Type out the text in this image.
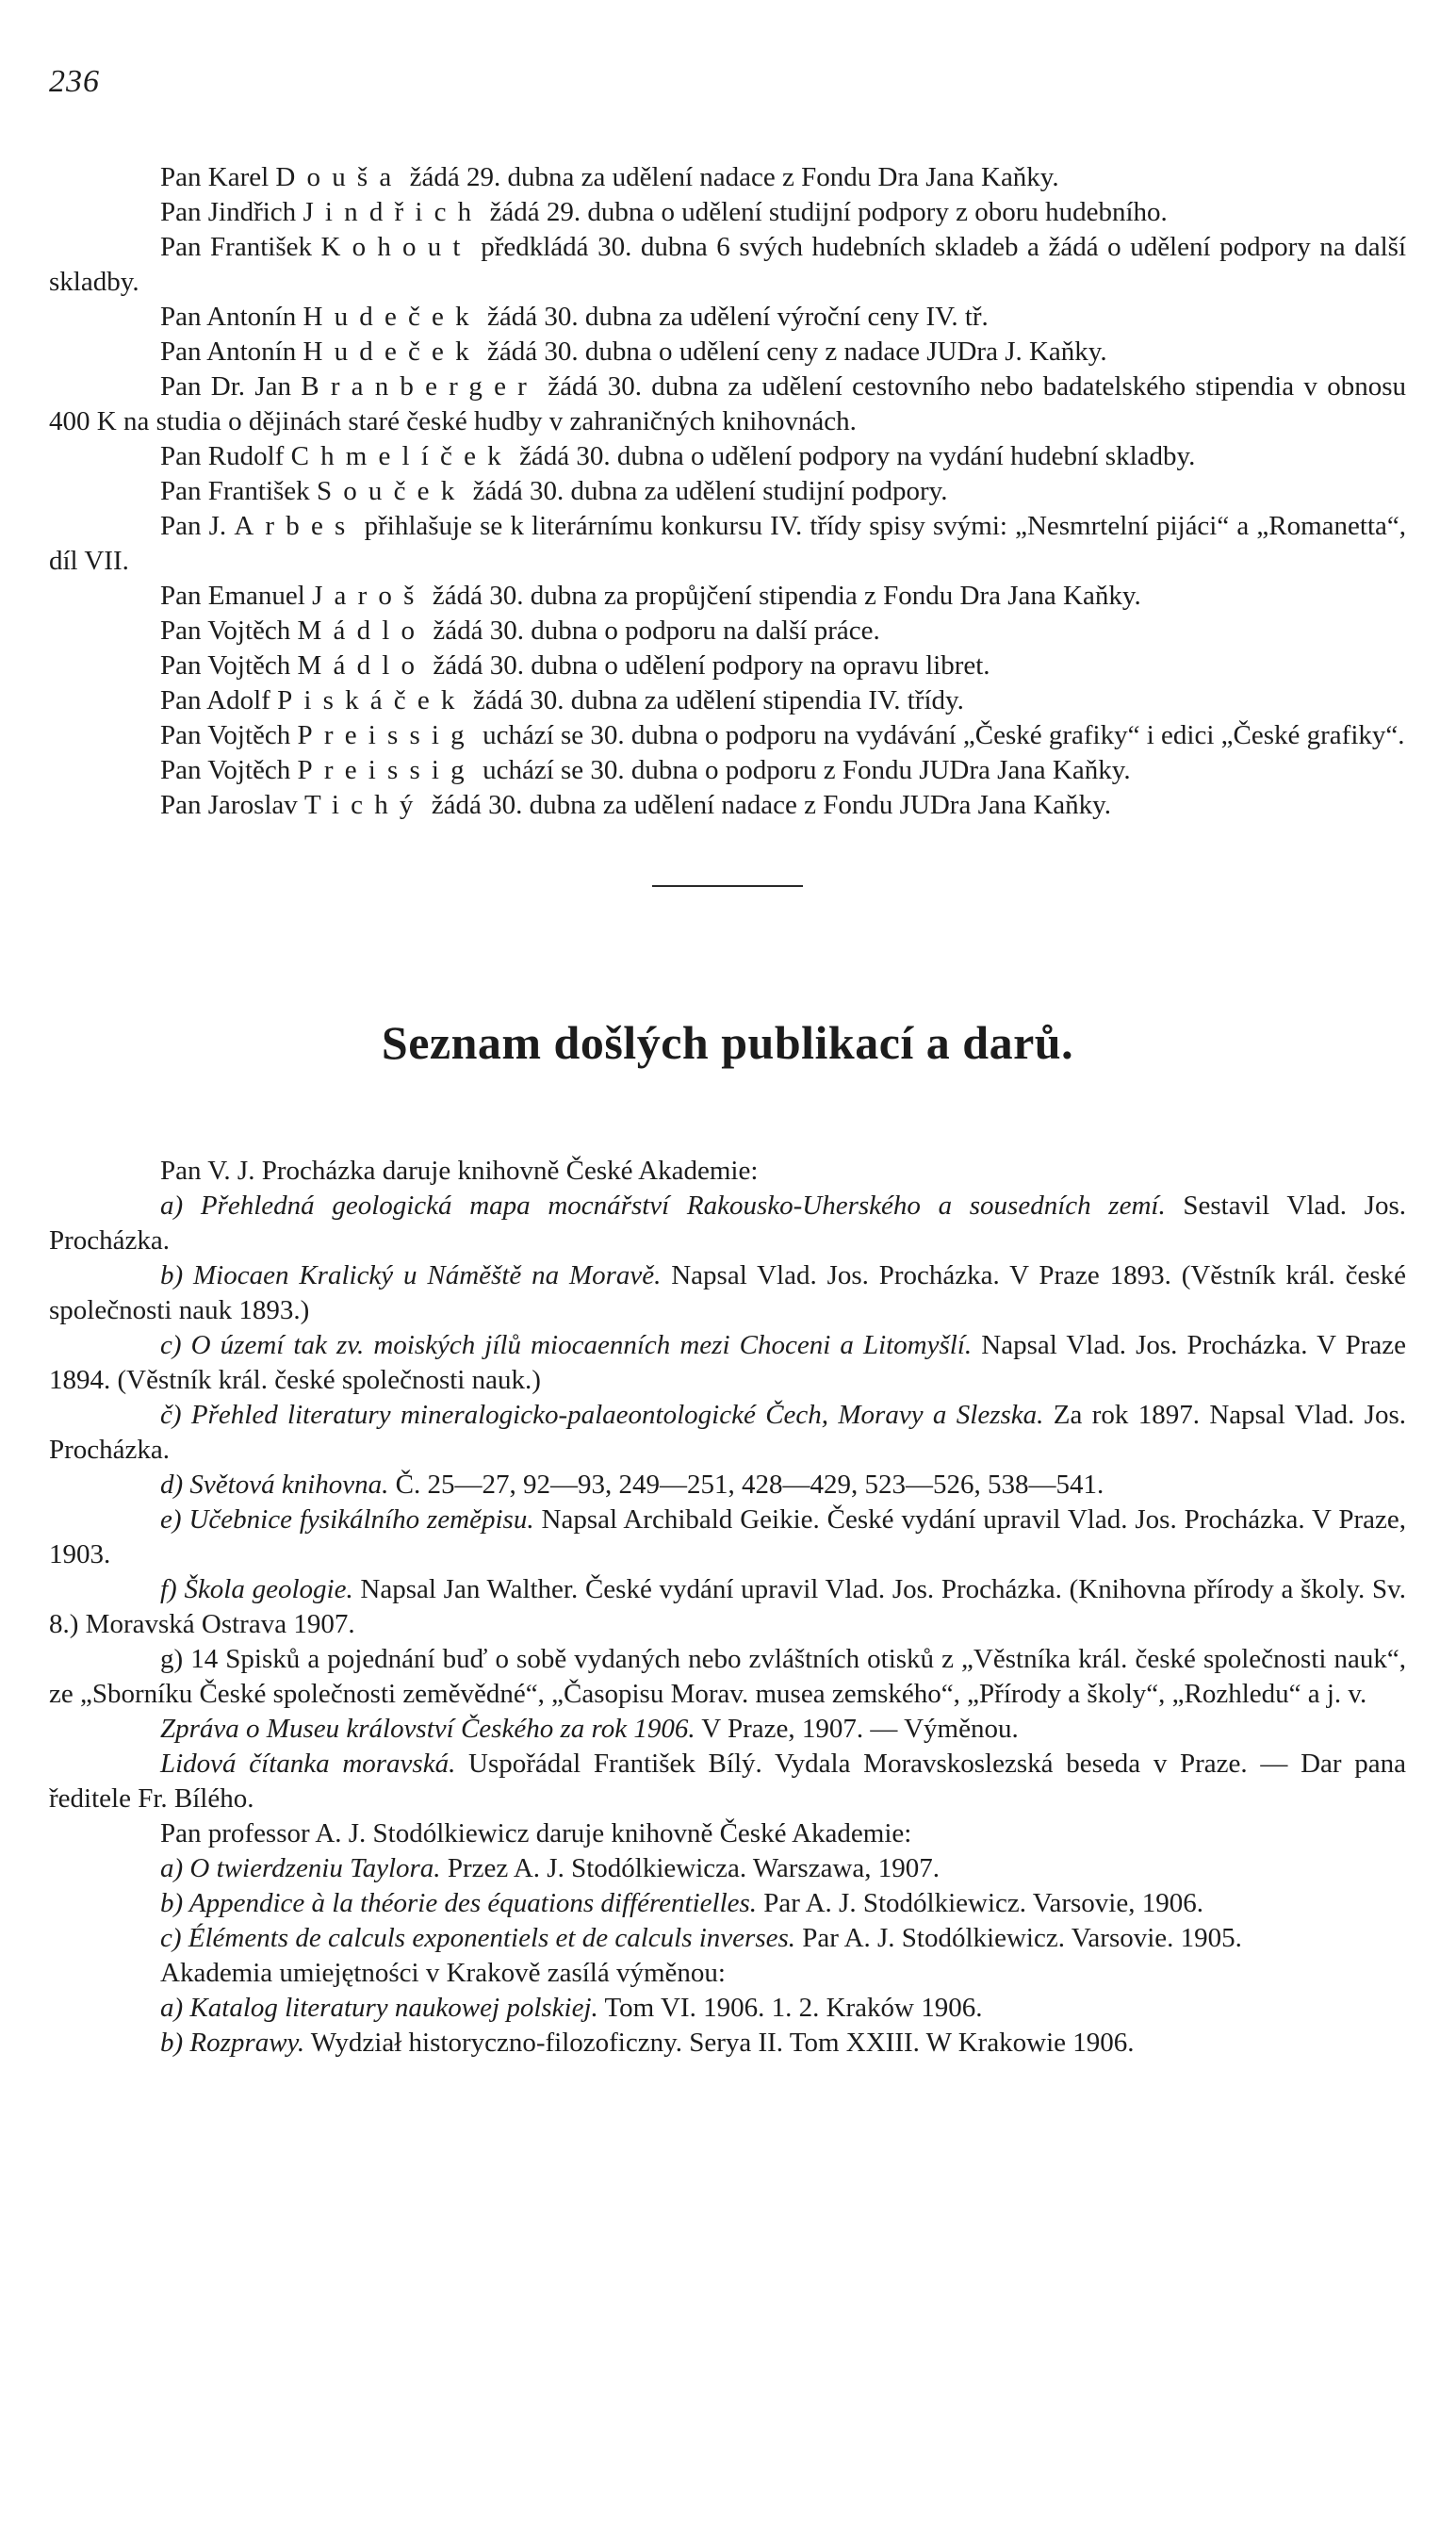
236

Pan Karel Douša žádá 29. dubna za udělení nadace z Fondu Dra Jana Kaňky.

Pan Jindřich Jindřich žádá 29. dubna o udělení studijní podpory z oboru hudebního.

Pan František Kohout předkládá 30. dubna 6 svých hudebních skladeb a žádá o udělení podpory na další skladby.

Pan Antonín Hudeček žádá 30. dubna za udělení výroční ceny IV. tř.

Pan Antonín Hudeček žádá 30. dubna o udělení ceny z nadace JUDra J. Kaňky.

Pan Dr. Jan Branberger žádá 30. dubna za udělení cestovního nebo badatelského stipendia v obnosu 400 K na studia o dějinách staré české hudby v zahraničných knihovnách.

Pan Rudolf Chmelíček žádá 30. dubna o udělení podpory na vydání hudební skladby.

Pan František Souček žádá 30. dubna za udělení studijní podpory.

Pan J. Arbes přihlašuje se k literárnímu konkursu IV. třídy spisy svými: „Nesmrtelní pijáci“ a „Romanetta“, díl VII.

Pan Emanuel Jaroš žádá 30. dubna za propůjčení stipendia z Fondu Dra Jana Kaňky.

Pan Vojtěch Mádlo žádá 30. dubna o podporu na další práce.

Pan Vojtěch Mádlo žádá 30. dubna o udělení podpory na opravu libret.

Pan Adolf Piskáček žádá 30. dubna za udělení stipendia IV. třídy.

Pan Vojtěch Preissig uchází se 30. dubna o podporu na vydávání „České grafiky“ i edici „České grafiky“.

Pan Vojtěch Preissig uchází se 30. dubna o podporu z Fondu JUDra Jana Kaňky.

Pan Jaroslav Tichý žádá 30. dubna za udělení nadace z Fondu JUDra Jana Kaňky.

Seznam došlých publikací a darů.

Pan V. J. Procházka daruje knihovně České Akademie:

a) Přehledná geologická mapa mocnářství Rakousko-Uherského a sousedních zemí. Sestavil Vlad. Jos. Procházka.

b) Miocaen Kralický u Náměště na Moravě. Napsal Vlad. Jos. Procházka. V Praze 1893. (Věstník král. české společnosti nauk 1893.)

c) O území tak zv. moiských jílů miocaenních mezi Choceni a Litomyšlí. Napsal Vlad. Jos. Procházka. V Praze 1894. (Věstník král. české společnosti nauk.)

č) Přehled literatury mineralogicko-palaeontologické Čech, Moravy a Slezska. Za rok 1897. Napsal Vlad. Jos. Procházka.

d) Světová knihovna. Č. 25—27, 92—93, 249—251, 428—429, 523—526, 538—541.

e) Učebnice fysikálního zeměpisu. Napsal Archibald Geikie. České vydání upravil Vlad. Jos. Procházka. V Praze, 1903.

f) Škola geologie. Napsal Jan Walther. České vydání upravil Vlad. Jos. Procházka. (Knihovna přírody a školy. Sv. 8.) Moravská Ostrava 1907.

g) 14 Spisků a pojednání buď o sobě vydaných nebo zvláštních otisků z „Věstníka král. české společnosti nauk“, ze „Sborníku České společnosti zeměvědné“, „Časopisu Morav. musea zemského“, „Přírody a školy“, „Rozhledu“ a j. v.

Zpráva o Museu království Českého za rok 1906. V Praze, 1907. — Výměnou.

Lidová čítanka moravská. Uspořádal František Bílý. Vydala Moravskoslezská beseda v Praze. — Dar pana ředitele Fr. Bílého.

Pan professor A. J. Stodólkiewicz daruje knihovně České Akademie:

a) O twierdzeniu Taylora. Przez A. J. Stodólkiewicza. Warszawa, 1907.

b) Appendice à la théorie des équations différentielles. Par A. J. Stodólkiewicz. Varsovie, 1906.

c) Éléments de calculs exponentiels et de calculs inverses. Par A. J. Stodólkiewicz. Varsovie. 1905.

Akademia umiejętności v Krakově zasílá výměnou:

a) Katalog literatury naukowej polskiej. Tom VI. 1906. 1. 2. Kraków 1906.

b) Rozprawy. Wydział historyczno-filozoficzny. Serya II. Tom XXIII. W Krakowie 1906.
